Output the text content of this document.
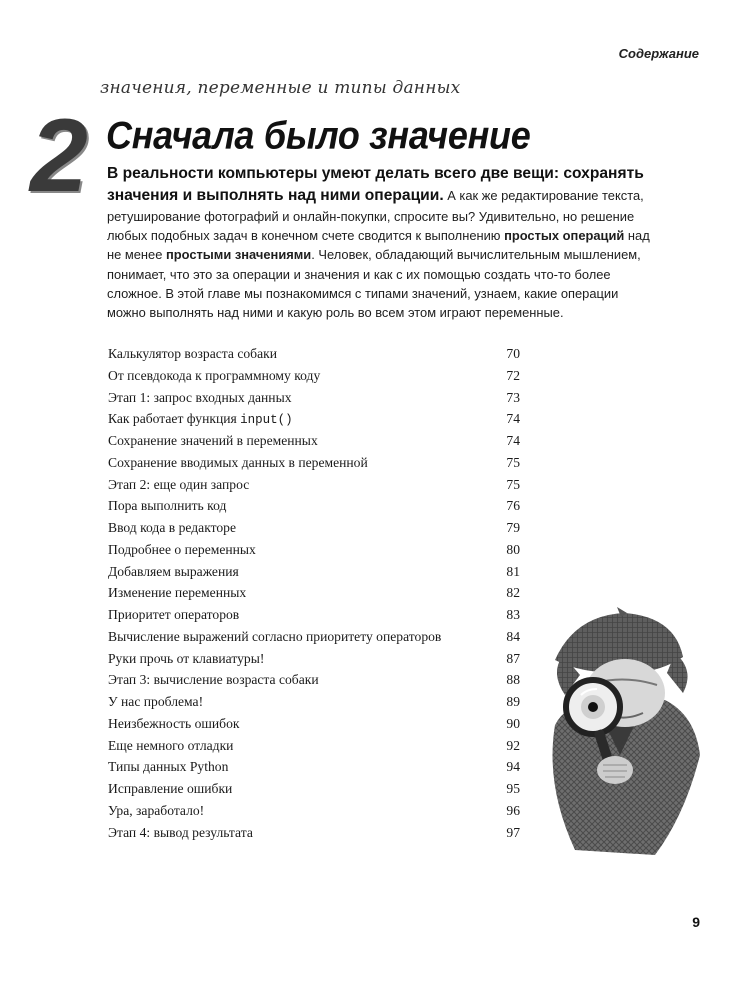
Содержание
значения, переменные и типы данных
2 Сначала было значение
В реальности компьютеры умеют делать всего две вещи: сохранять значения и выполнять над ними операции. А как же редактирование текста, ретуширование фотографий и онлайн-покупки, спросите вы? Удивительно, но решение любых подобных задач в конечном счете сводится к выполнению простых операций над не менее простыми значениями. Человек, обладающий вычислительным мышлением, понимает, что это за операции и значения и как с их помощью создать что-то более сложное. В этой главе мы познакомимся с типами значений, узнаем, какие операции можно выполнять над ними и какую роль во всем этом играют переменные.
Калькулятор возраста собаки	70
От псевдокода к программному коду	72
Этап 1: запрос входных данных	73
Как работает функция input()	74
Сохранение значений в переменных	74
Сохранение вводимых данных в переменной	75
Этап 2: еще один запрос	75
Пора выполнить код	76
Ввод кода в редакторе	79
Подробнее о переменных	80
Добавляем выражения	81
Изменение переменных	82
Приоритет операторов	83
Вычисление выражений согласно приоритету операторов	84
Руки прочь от клавиатуры!	87
Этап 3: вычисление возраста собаки	88
У нас проблема!	89
Неизбежность ошибок	90
Еще немного отладки	92
Типы данных Python	94
Исправление ошибки	95
Ура, заработало!	96
Этап 4: вывод результата	97
9
